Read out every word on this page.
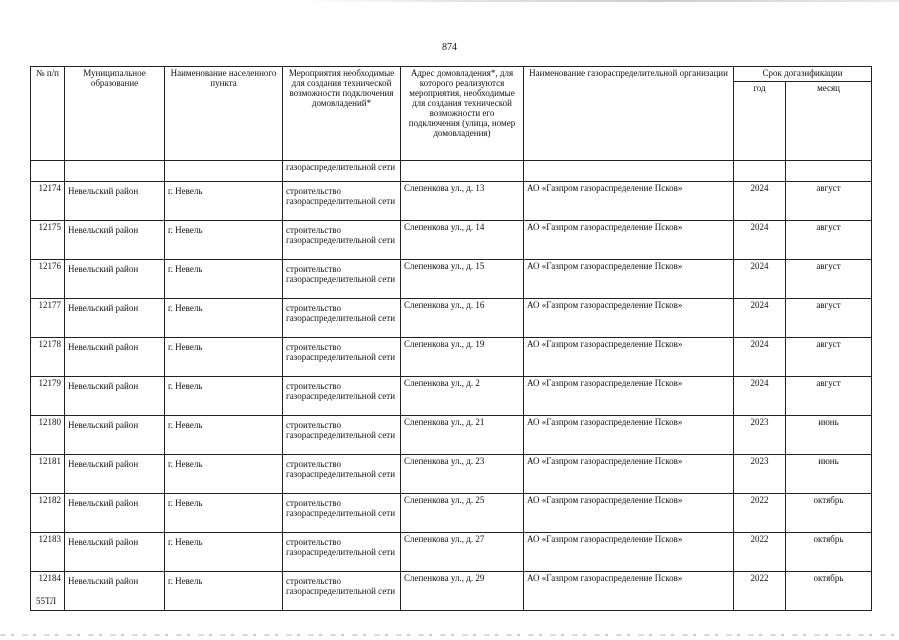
874
№ п/п	Муниципальное образование	Наименование населенного пункта	Мероприятия необходимые для создания технической возможности подключения домовладений*	Адрес домовладения*, для которого реализуются мероприятия, необходимые для создания технической возможности его подключения (улица, номер домовладения)	Наименование газораспределительной организации	Срок догазификации	
						год	месяц
			газораспределительной сети				
12174	Невельский район	г. Невель	строительство газораспределительной сети	Слепенкова ул., д. 13	АО «Газпром газораспределение Псков»	2024	август
12175	Невельский район	г. Невель	строительство газораспределительной сети	Слепенкова ул., д. 14	АО «Газпром газораспределение Псков»	2024	август
12176	Невельский район	г. Невель	строительство газораспределительной сети	Слепенкова ул., д. 15	АО «Газпром газораспределение Псков»	2024	август
12177	Невельский район	г. Невель	строительство газораспределительной сети	Слепенкова ул., д. 16	АО «Газпром газораспределение Псков»	2024	август
12178	Невельский район	г. Невель	строительство газораспределительной сети	Слепенкова ул., д. 19	АО «Газпром газораспределение Псков»	2024	август
12179	Невельский район	г. Невель	строительство газораспределительной сети	Слепенкова ул., д. 2	АО «Газпром газораспределение Псков»	2024	август
12180	Невельский район	г. Невель	строительство газораспределительной сети	Слепенкова ул., д. 21	АО «Газпром газораспределение Псков»	2023	июнь
12181	Невельский район	г. Невель	строительство газораспределительной сети	Слепенкова ул., д. 23	АО «Газпром газораспределение Псков»	2023	июнь
12182	Невельский район	г. Невель	строительство газораспределительной сети	Слепенкова ул., д. 25	АО «Газпром газораспределение Псков»	2022	октябрь
12183	Невельский район	г. Невель	строительство газораспределительной сети	Слепенкова ул., д. 27	АО «Газпром газораспределение Псков»	2022	октябрь
12184	Невельский район	г. Невель	строительство газораспределительной сети	Слепенкова ул., д. 29	АО «Газпром газораспределение Псков»	2022	октябрь
55ТЛ
